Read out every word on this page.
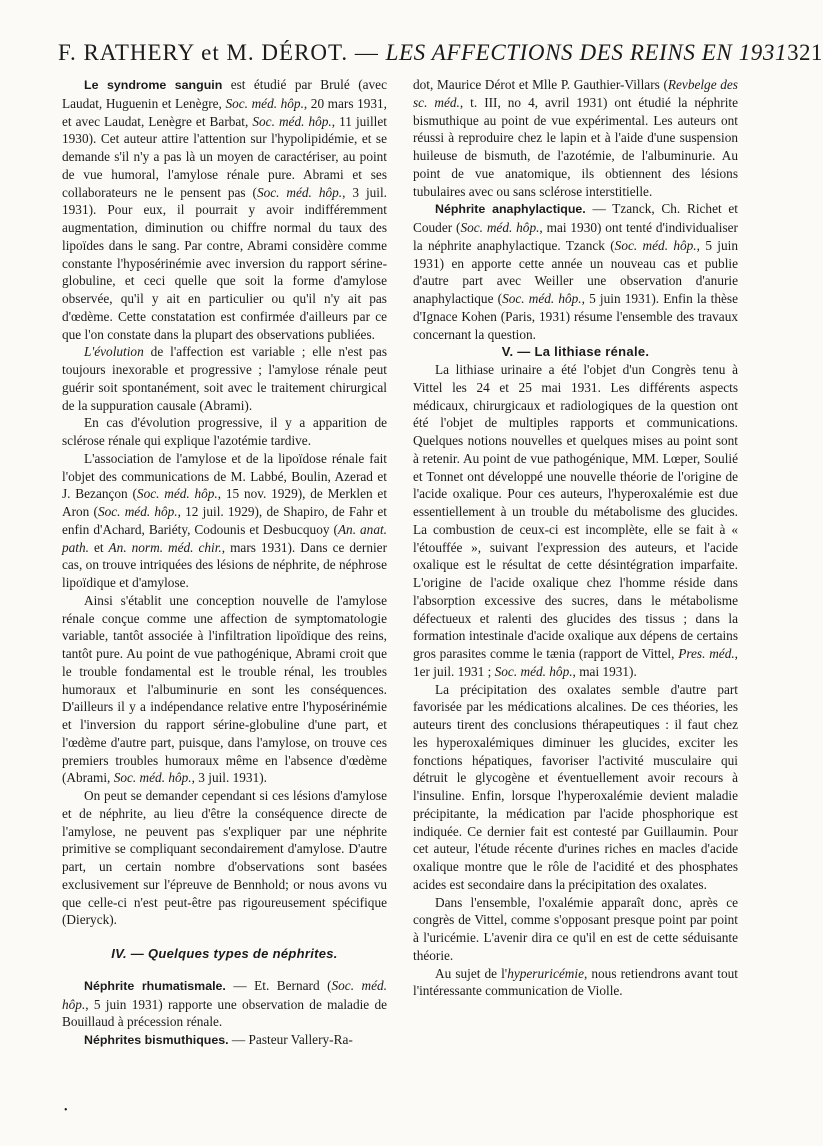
F. RATHERY et M. DÉROT. — LES AFFECTIONS DES REINS EN 1931 321

Le syndrome sanguin est étudié par Brulé (avec Laudat, Huguenin et Lenègre, Soc. méd. hôp., 20 mars 1931, et avec Laudat, Lenègre et Barbat, Soc. méd. hôp., 11 juillet 1930). Cet auteur attire l'attention sur l'hypolipidémie, et se demande s'il n'y a pas là un moyen de caractériser, au point de vue humoral, l'amylose rénale pure. Abrami et ses collaborateurs ne le pensent pas (Soc. méd. hôp., 3 juil. 1931). Pour eux, il pourrait y avoir indifféremment augmentation, diminution ou chiffre normal du taux des lipoïdes dans le sang. Par contre, Abrami considère comme constante l'hyposérinémie avec inversion du rapport sérine-globuline, et ceci quelle que soit la forme d'amylose observée, qu'il y ait en particulier ou qu'il n'y ait pas d'œdème. Cette constatation est confirmée d'ailleurs par ce que l'on constate dans la plupart des observations publiées.

L'évolution de l'affection est variable ; elle n'est pas toujours inexorable et progressive ; l'amylose rénale peut guérir soit spontanément, soit avec le traitement chirurgical de la suppuration causale (Abrami).

En cas d'évolution progressive, il y a apparition de sclérose rénale qui explique l'azotémie tardive.

L'association de l'amylose et de la lipoïdose rénale fait l'objet des communications de M. Labbé, Boulin, Azerad et J. Bezançon (Soc. méd. hôp., 15 nov. 1929), de Merklen et Aron (Soc. méd. hôp., 12 juil. 1929), de Shapiro, de Fahr et enfin d'Achard, Bariéty, Codounis et Desbucquoy (An. anat. path. et An. norm. méd. chir., mars 1931). Dans ce dernier cas, on trouve intriquées des lésions de néphrite, de néphrose lipoïdique et d'amylose.

Ainsi s'établit une conception nouvelle de l'amylose rénale conçue comme une affection de symptomatologie variable, tantôt associée à l'infiltration lipoïdique des reins, tantôt pure. Au point de vue pathogénique, Abrami croit que le trouble fondamental est le trouble rénal, les troubles humoraux et l'albuminurie en sont les conséquences. D'ailleurs il y a indépendance relative entre l'hyposérinémie et l'inversion du rapport sérine-globuline d'une part, et l'œdème d'autre part, puisque, dans l'amylose, on trouve ces premiers troubles humoraux même en l'absence d'œdème (Abrami, Soc. méd. hôp., 3 juil. 1931).

On peut se demander cependant si ces lésions d'amylose et de néphrite, au lieu d'être la conséquence directe de l'amylose, ne peuvent pas s'expliquer par une néphrite primitive se compliquant secondairement d'amylose. D'autre part, un certain nombre d'observations sont basées exclusivement sur l'épreuve de Bennhold; or nous avons vu que celle-ci n'est peut-être pas rigoureusement spécifique (Dieryck).

IV. — Quelques types de néphrites.

Néphrite rhumatismale. — Et. Bernard (Soc. méd. hôp., 5 juin 1931) rapporte une observation de maladie de Bouillaud à précession rénale.

Néphrites bismuthiques. — Pasteur Vallery-Ra-

dot, Maurice Dérot et Mlle P. Gauthier-Villars (Revbelge des sc. méd., t. III, no 4, avril 1931) ont étudié la néphrite bismuthique au point de vue expérimental. Les auteurs ont réussi à reproduire chez le lapin et à l'aide d'une suspension huileuse de bismuth, de l'azotémie, de l'albuminurie. Au point de vue anatomique, ils obtiennent des lésions tubulaires avec ou sans sclérose interstitielle.

Néphrite anaphylactique. — Tzanck, Ch. Richet et Couder (Soc. méd. hôp., mai 1930) ont tenté d'individualiser la néphrite anaphylactique. Tzanck (Soc. méd. hôp., 5 juin 1931) en apporte cette année un nouveau cas et publie d'autre part avec Weiller une observation d'anurie anaphylactique (Soc. méd. hôp., 5 juin 1931). Enfin la thèse d'Ignace Kohen (Paris, 1931) résume l'ensemble des travaux concernant la question.

V. — La lithiase rénale.

La lithiase urinaire a été l'objet d'un Congrès tenu à Vittel les 24 et 25 mai 1931. Les différents aspects médicaux, chirurgicaux et radiologiques de la question ont été l'objet de multiples rapports et communications. Quelques notions nouvelles et quelques mises au point sont à retenir. Au point de vue pathogénique, MM. Lœper, Soulié et Tonnet ont développé une nouvelle théorie de l'origine de l'acide oxalique. Pour ces auteurs, l'hyperoxalémie est due essentiellement à un trouble du métabolisme des glucides. La combustion de ceux-ci est incomplète, elle se fait à « l'étouffée », suivant l'expression des auteurs, et l'acide oxalique est le résultat de cette désintégration imparfaite. L'origine de l'acide oxalique chez l'homme réside dans l'absorption excessive des sucres, dans le métabolisme défectueux et ralenti des glucides des tissus ; dans la formation intestinale d'acide oxalique aux dépens de certains gros parasites comme le tænia (rapport de Vittel, Pres. méd., 1er juil. 1931 ; Soc. méd. hôp., mai 1931).

La précipitation des oxalates semble d'autre part favorisée par les médications alcalines. De ces théories, les auteurs tirent des conclusions thérapeutiques : il faut chez les hyperoxalémiques diminuer les glucides, exciter les fonctions hépatiques, favoriser l'activité musculaire qui détruit le glycogène et éventuellement avoir recours à l'insuline. Enfin, lorsque l'hyperoxalémie devient maladie précipitante, la médication par l'acide phosphorique est indiquée. Ce dernier fait est contesté par Guillaumin. Pour cet auteur, l'étude récente d'urines riches en macles d'acide oxalique montre que le rôle de l'acidité et des phosphates acides est secondaire dans la précipitation des oxalates.

Dans l'ensemble, l'oxalémie apparaît donc, après ce congrès de Vittel, comme s'opposant presque point par point à l'uricémie. L'avenir dira ce qu'il en est de cette séduisante théorie.

Au sujet de l'hyperuricémie, nous retiendrons avant tout l'intéressante communication de Violle.

•
